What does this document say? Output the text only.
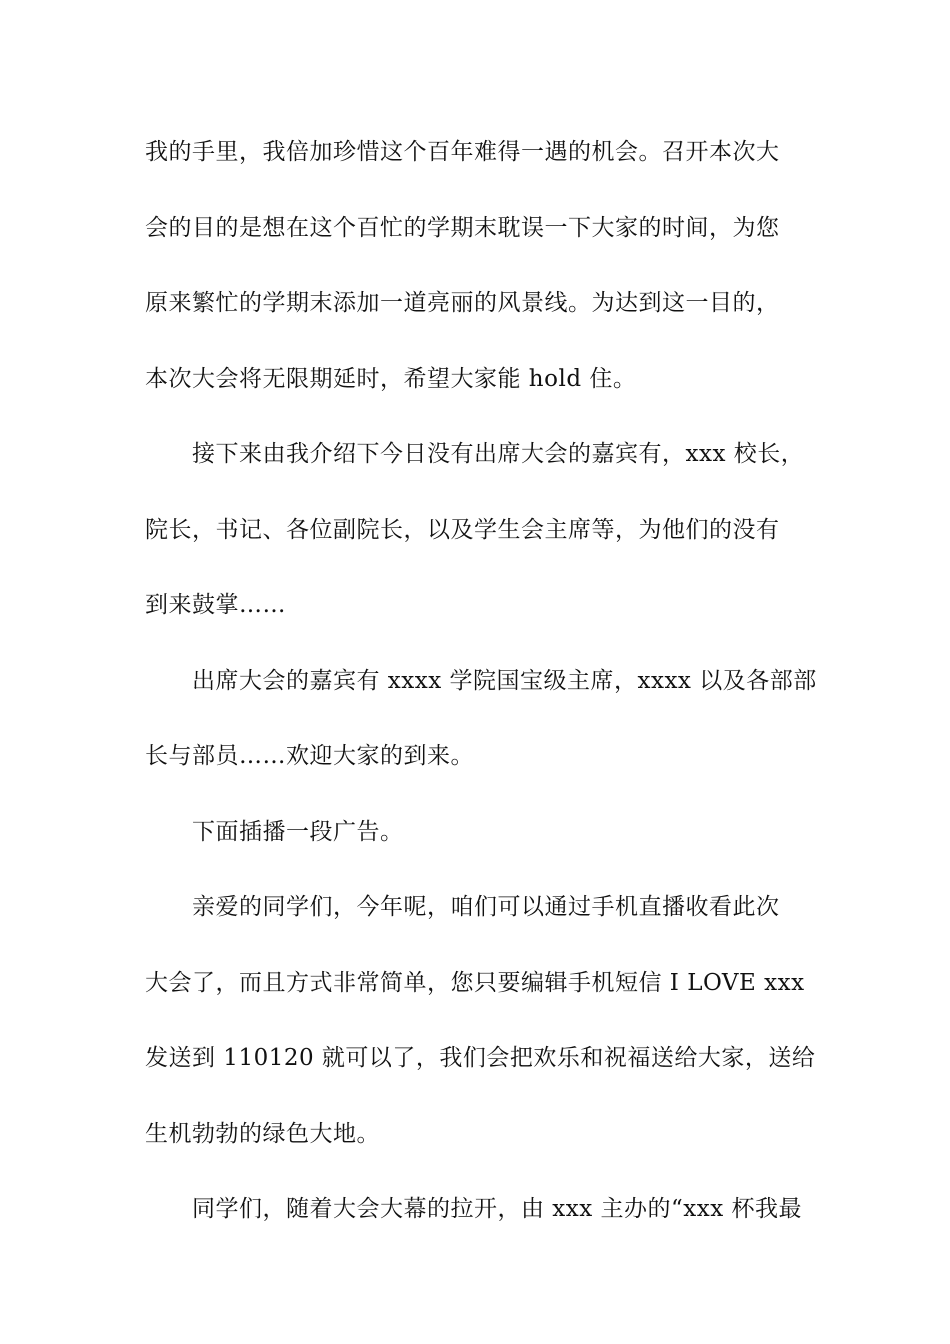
我的手里，我倍加珍惜这个百年难得一遇的机会。召开本次大
会的目的是想在这个百忙的学期末耽误一下大家的时间，为您
原来繁忙的学期末添加一道亮丽的风景线。为达到这一目的，
本次大会将无限期延时，希望大家能 hold 住。
接下来由我介绍下今日没有出席大会的嘉宾有，xxx 校长，
院长，书记、各位副院长，以及学生会主席等，为他们的没有
到来鼓掌……
出席大会的嘉宾有 xxxx 学院国宝级主席，xxxx 以及各部部
长与部员……欢迎大家的到来。
下面插播一段广告。
亲爱的同学们，今年呢，咱们可以通过手机直播收看此次
大会了，而且方式非常简单，您只要编辑手机短信 I LOVE xxx
发送到 110120 就可以了，我们会把欢乐和祝福送给大家，送给
生机勃勃的绿色大地。
同学们，随着大会大幕的拉开，由 xxx 主办的“xxx 杯我最
